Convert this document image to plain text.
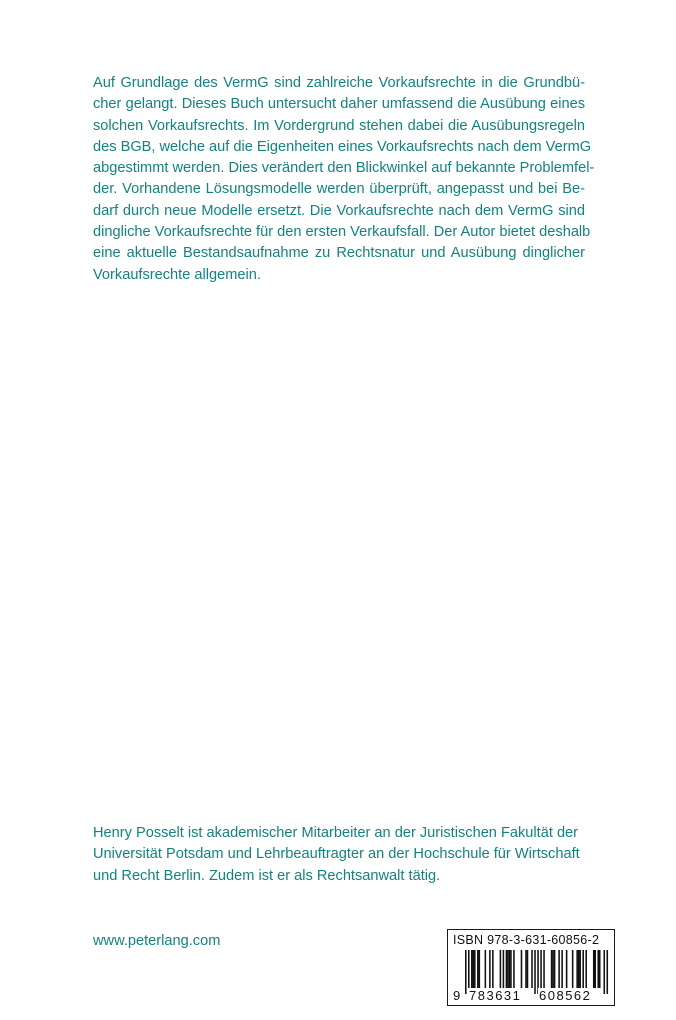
Auf Grundlage des VermG sind zahlreiche Vorkaufsrechte in die Grundbü-
cher gelangt. Dieses Buch untersucht daher umfassend die Ausübung eines
solchen Vorkaufsrechts. Im Vordergrund stehen dabei die Ausübungsregeln
des BGB, welche auf die Eigenheiten eines Vorkaufsrechts nach dem VermG
abgestimmt werden. Dies verändert den Blickwinkel auf bekannte Problemfel-
der. Vorhandene Lösungsmodelle werden überprüft, angepasst und bei Be-
darf durch neue Modelle ersetzt. Die Vorkaufsrechte nach dem VermG sind
dingliche Vorkaufsrechte für den ersten Verkaufsfall. Der Autor bietet deshalb
eine aktuelle Bestandsaufnahme zu Rechtsnatur und Ausübung dinglicher
Vorkaufsrechte allgemein.
Henry Posselt ist akademischer Mitarbeiter an der Juristischen Fakultät der
Universität Potsdam und Lehrbeauftragter an der Hochschule für Wirtschaft
und Recht Berlin. Zudem ist er als Rechtsanwalt tätig.
www.peterlang.com	ISBN 978-3-631-60856-2
9 783631 608562
